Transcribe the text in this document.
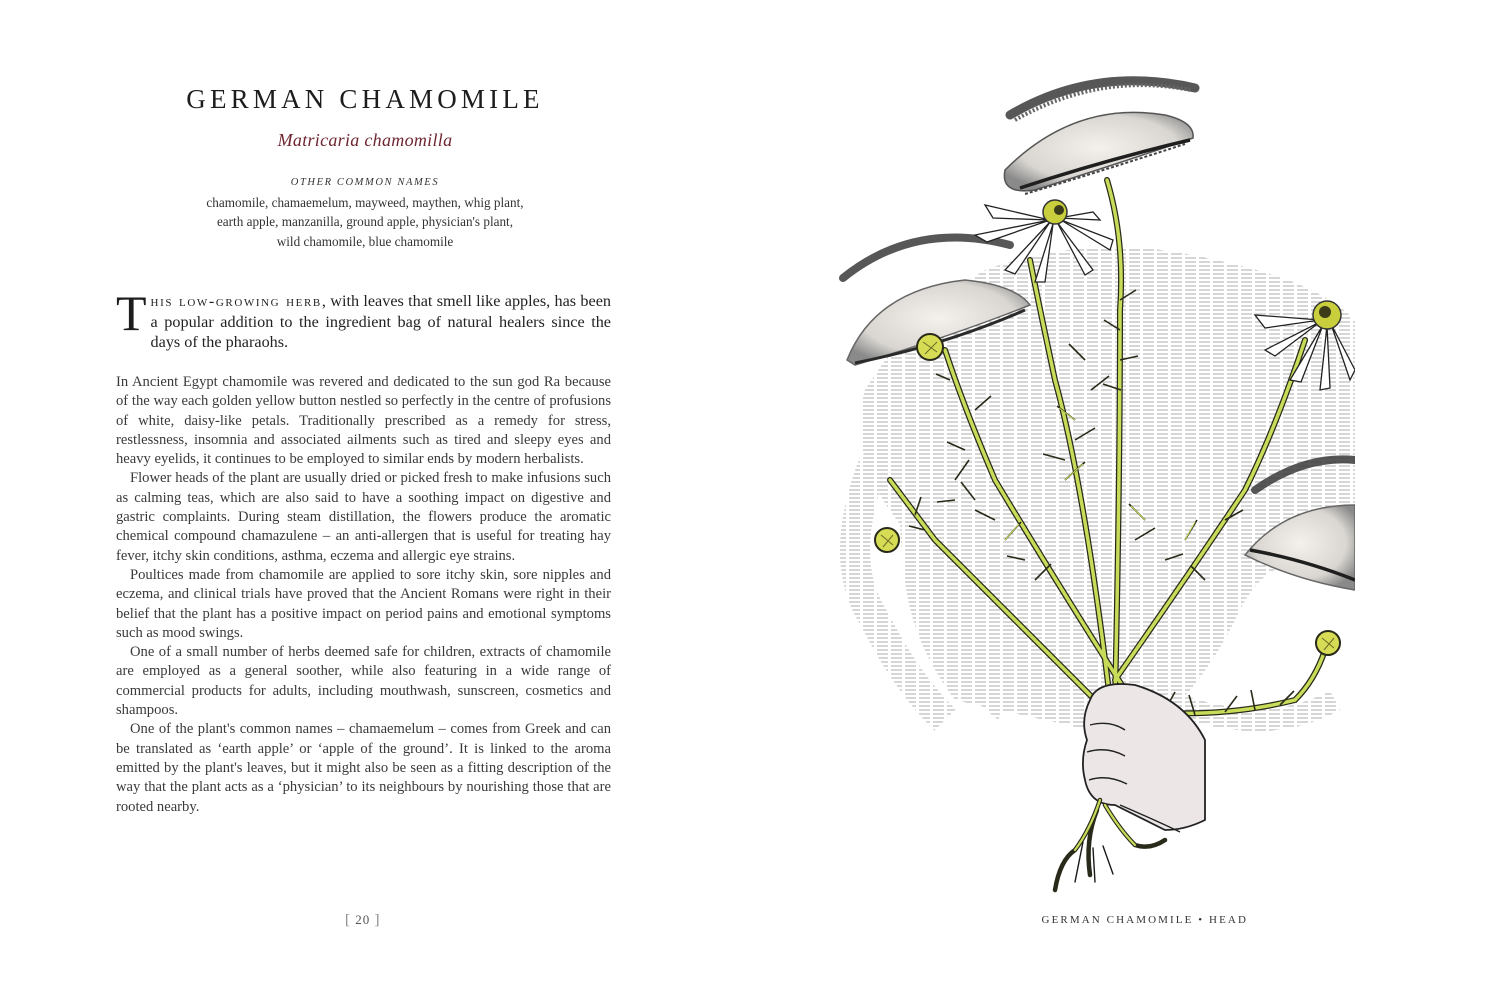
GERMAN CHAMOMILE
Matricaria chamomilla
OTHER COMMON NAMES
chamomile, chamaemelum, mayweed, maythen, whig plant,
earth apple, manzanilla, ground apple, physician's plant,
wild chamomile, blue chamomile
This low-growing herb, with leaves that smell like apples, has been a popular addition to the ingredient bag of natural healers since the days of the pharaohs.

In Ancient Egypt chamomile was revered and dedicated to the sun god Ra because of the way each golden yellow button nestled so perfectly in the centre of profusions of white, daisy-like petals. Traditionally prescribed as a remedy for stress, restlessness, insomnia and associated ailments such as tired and sleepy eyes and heavy eyelids, it continues to be employed to similar ends by modern herbalists.

Flower heads of the plant are usually dried or picked fresh to make infusions such as calming teas, which are also said to have a soothing impact on digestive and gastric complaints. During steam distillation, the flowers produce the aromatic chemical compound chamazulene – an anti-allergen that is useful for treating hay fever, itchy skin conditions, asthma, eczema and allergic eye strains.

Poultices made from chamomile are applied to sore itchy skin, sore nipples and eczema, and clinical trials have proved that the Ancient Romans were right in their belief that the plant has a positive impact on period pains and emotional symptoms such as mood swings.

One of a small number of herbs deemed safe for children, extracts of chamomile are employed as a general soother, while also featuring in a wide range of commercial products for adults, including mouthwash, sunscreen, cosmetics and shampoos.

One of the plant's common names – chamaemelum – comes from Greek and can be translated as ‘earth apple’ or ‘apple of the ground’. It is linked to the aroma emitted by the plant's leaves, but it might also be seen as a fitting description of the way that the plant acts as a ‘physician’ to its neighbours by nourishing those that are rooted nearby.

[ 20 ]	GERMAN CHAMOMILE • HEAD
